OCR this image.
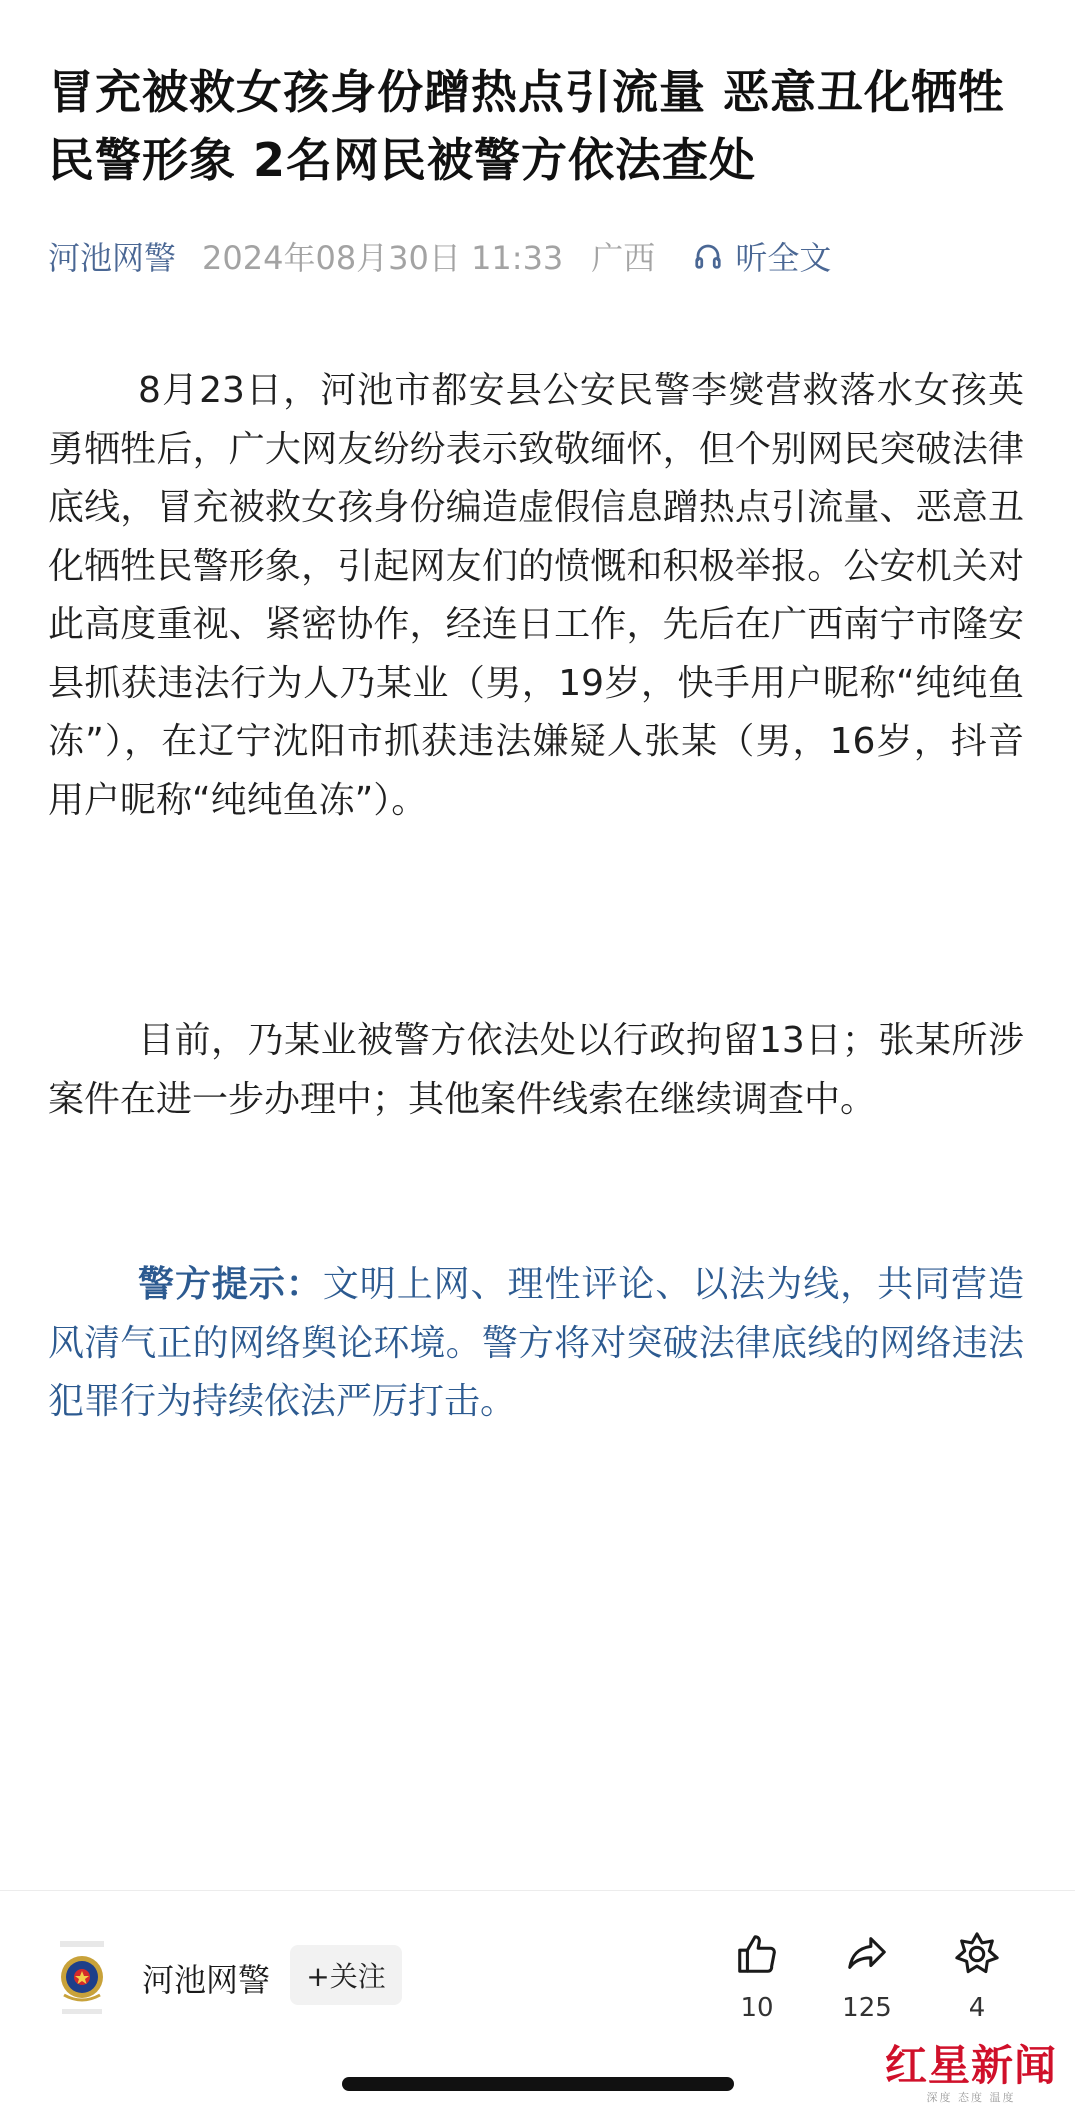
冒充被救女孩身份蹭热点引流量 恶意丑化牺牲民警形象 2名网民被警方依法查处
河池网警 2024年08月30日 11:33 广西	听全文

8月23日，河池市都安县公安民警李爕营救落水女孩英勇牺牲后，广大网友纷纷表示致敬缅怀，但个别网民突破法律底线，冒充被救女孩身份编造虚假信息蹭热点引流量、恶意丑化牺牲民警形象，引起网友们的愤慨和积极举报。公安机关对此高度重视、紧密协作，经连日工作，先后在广西南宁市隆安县抓获违法行为人乃某业（男，19岁，快手用户昵称“纯纯鱼冻”），在辽宁沈阳市抓获违法嫌疑人张某（男，16岁，抖音用户昵称“纯纯鱼冻”）。

目前，乃某业被警方依法处以行政拘留13日；张某所涉案件在进一步办理中；其他案件线索在继续调查中。

警方提示：文明上网、理性评论、以法为线，共同营造风清气正的网络舆论环境。警方将对突破法律底线的网络违法犯罪行为持续依法严厉打击。

河池网警	+关注
10	125	4
红星新闻
深度 态度 温度
